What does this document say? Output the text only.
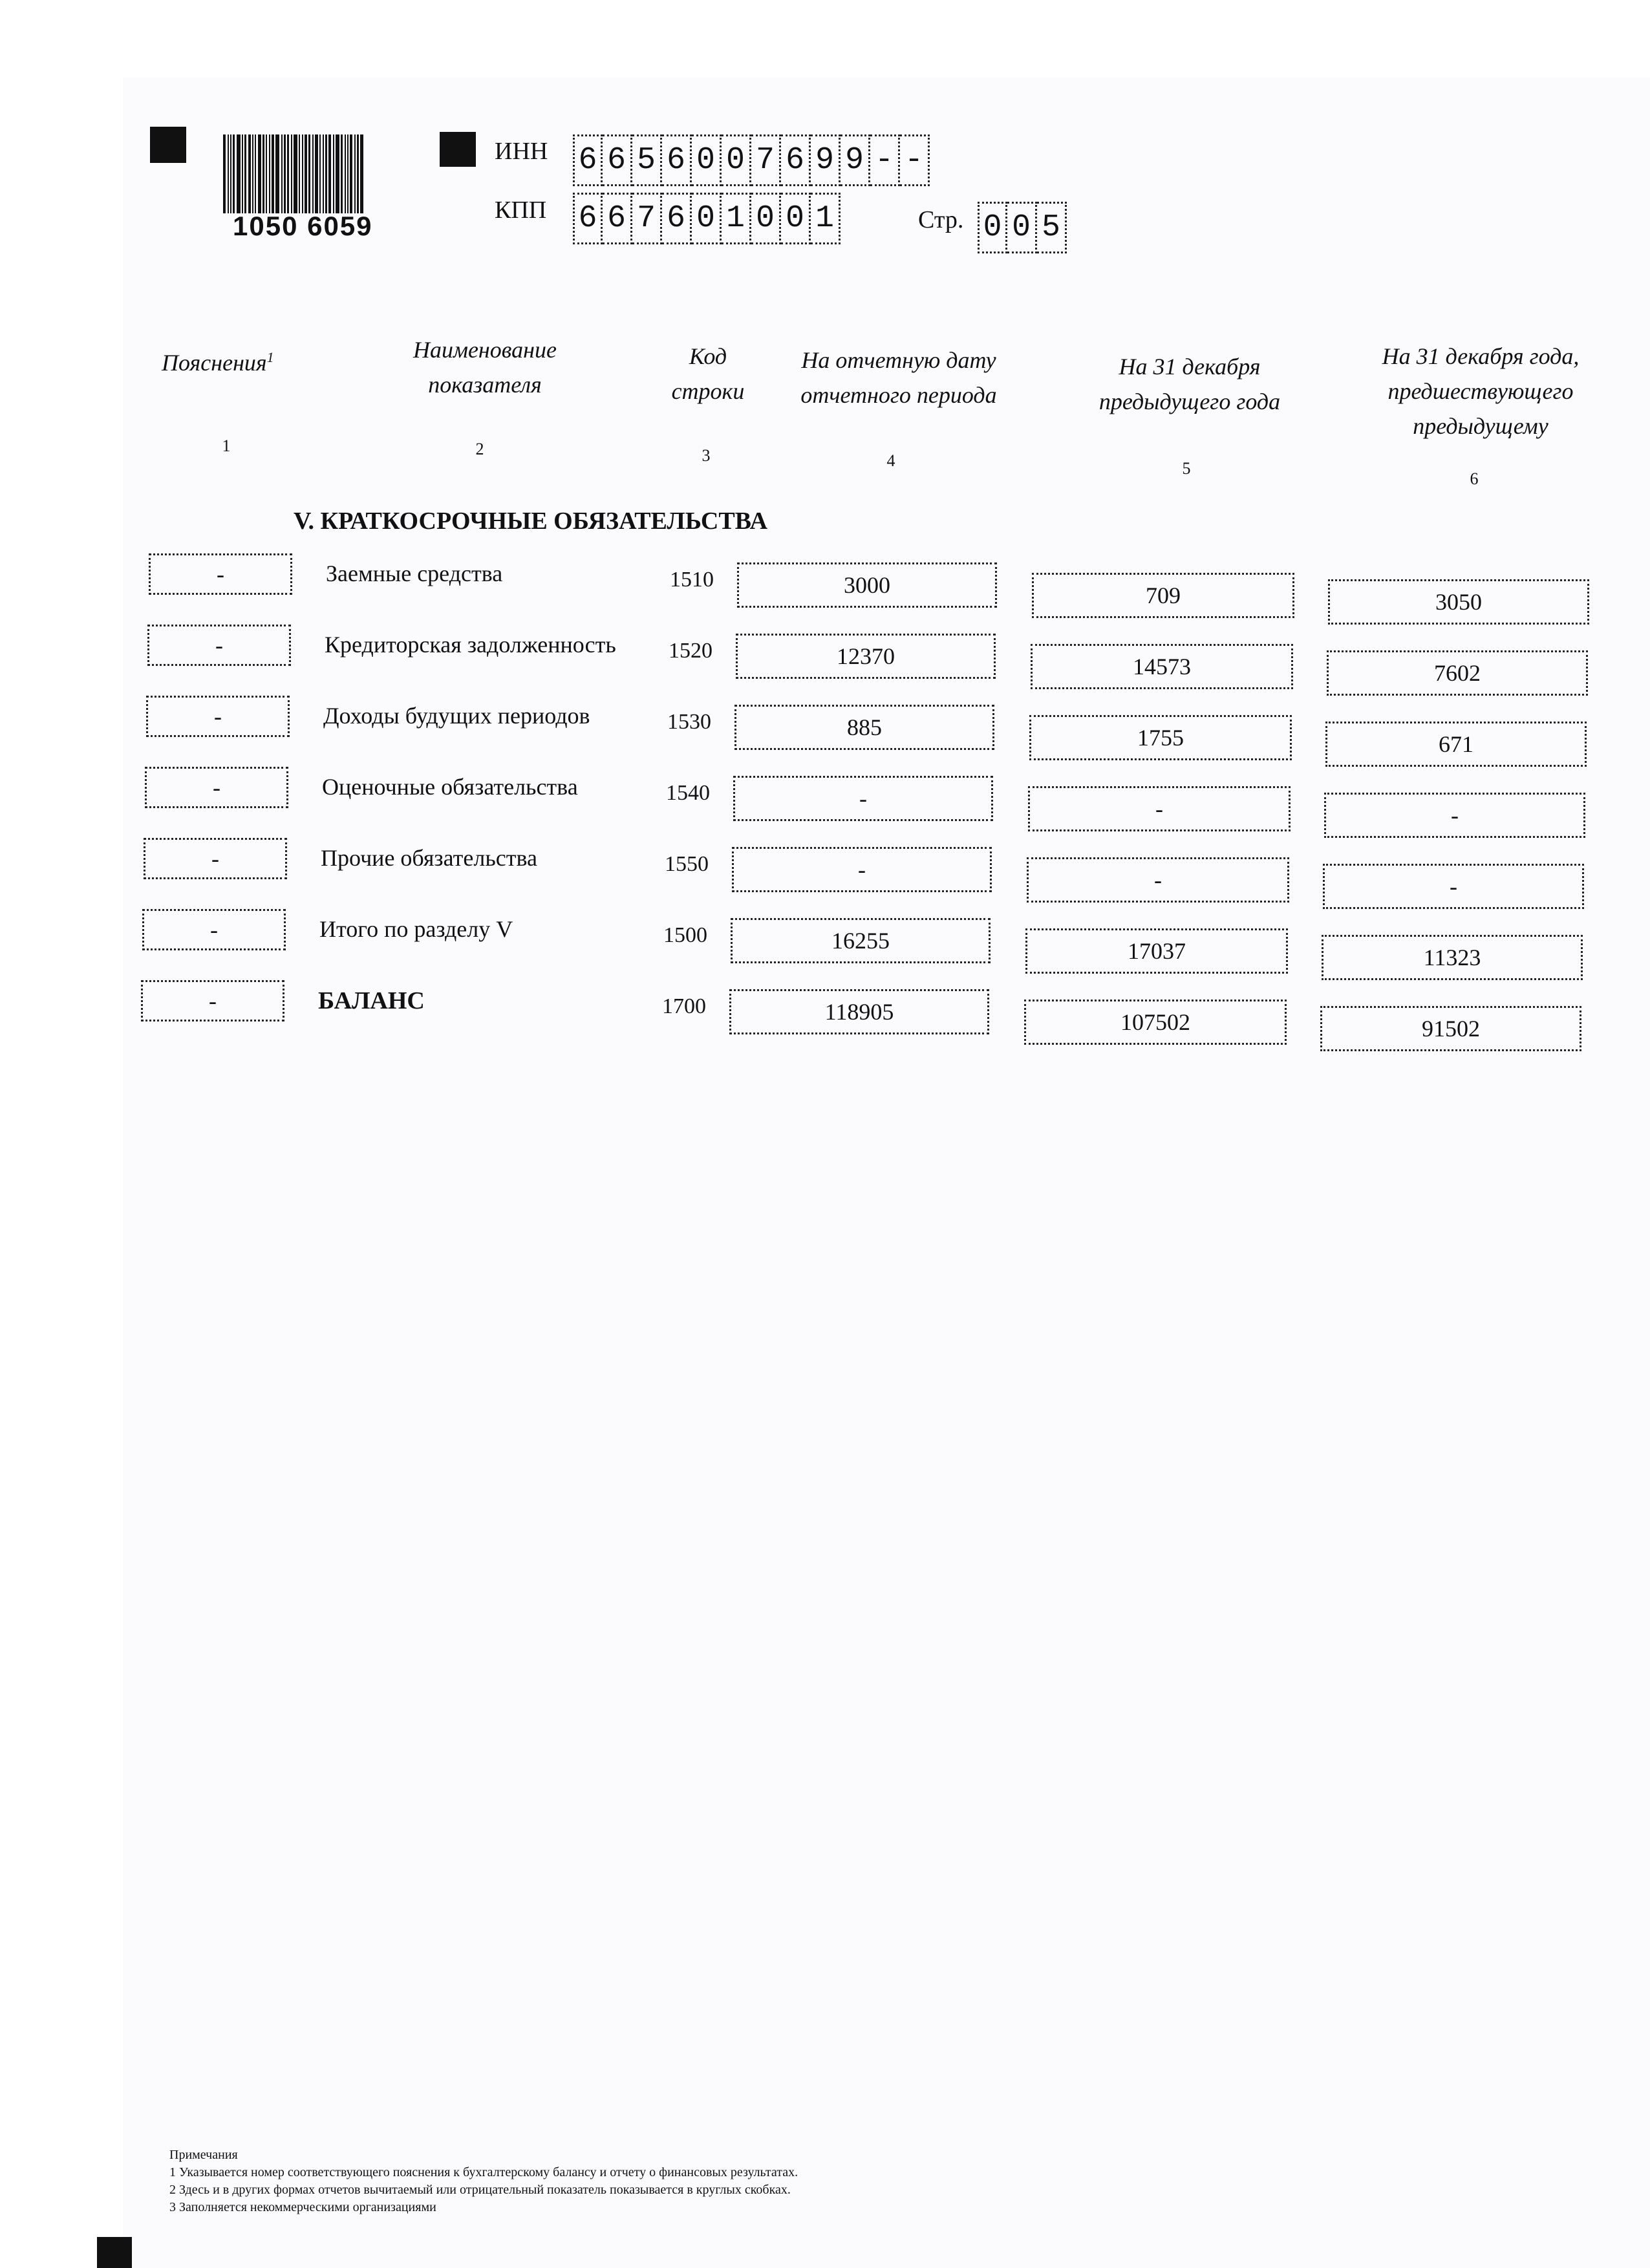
1050 6059
ИНН 6 6 5 6 0 0 7 6 9 9 - -
КПП 6 6 7 6 0 1 0 0 1	Стр. 0 0 5
Пояснения$^1$	Наименование показателя
Код строки
На отчетную дату отчетного периода
На 31 декабря предыдущего года
На 31 декабря года, предшествующего предыдущему
1	2	3	4	5
6
V. КРАТКОСРОЧНЫЕ ОБЯЗАТЕЛЬСТВА
-	Заемные средства	1510	3000	709	3050
-	Кредиторская задолженность	1520	12370	14573	7602
-	Доходы будущих периодов	1530	885	1755	671
-	Оценочные обязательства	1540	-	-	-
-	Прочие обязательства	1550	-	-	-
-	Итого по разделу V	1500	16255	17037	11323
-	БАЛАНС	1700	118905	107502	91502
Примечания
1 Указывается номер соответствующего пояснения к бухгалтерскому балансу и отчету о финансовых результатах.
2 Здесь и в других формах отчетов вычитаемый или отрицательный показатель показывается в круглых скобках.
3 Заполняется некоммерческими организациями
